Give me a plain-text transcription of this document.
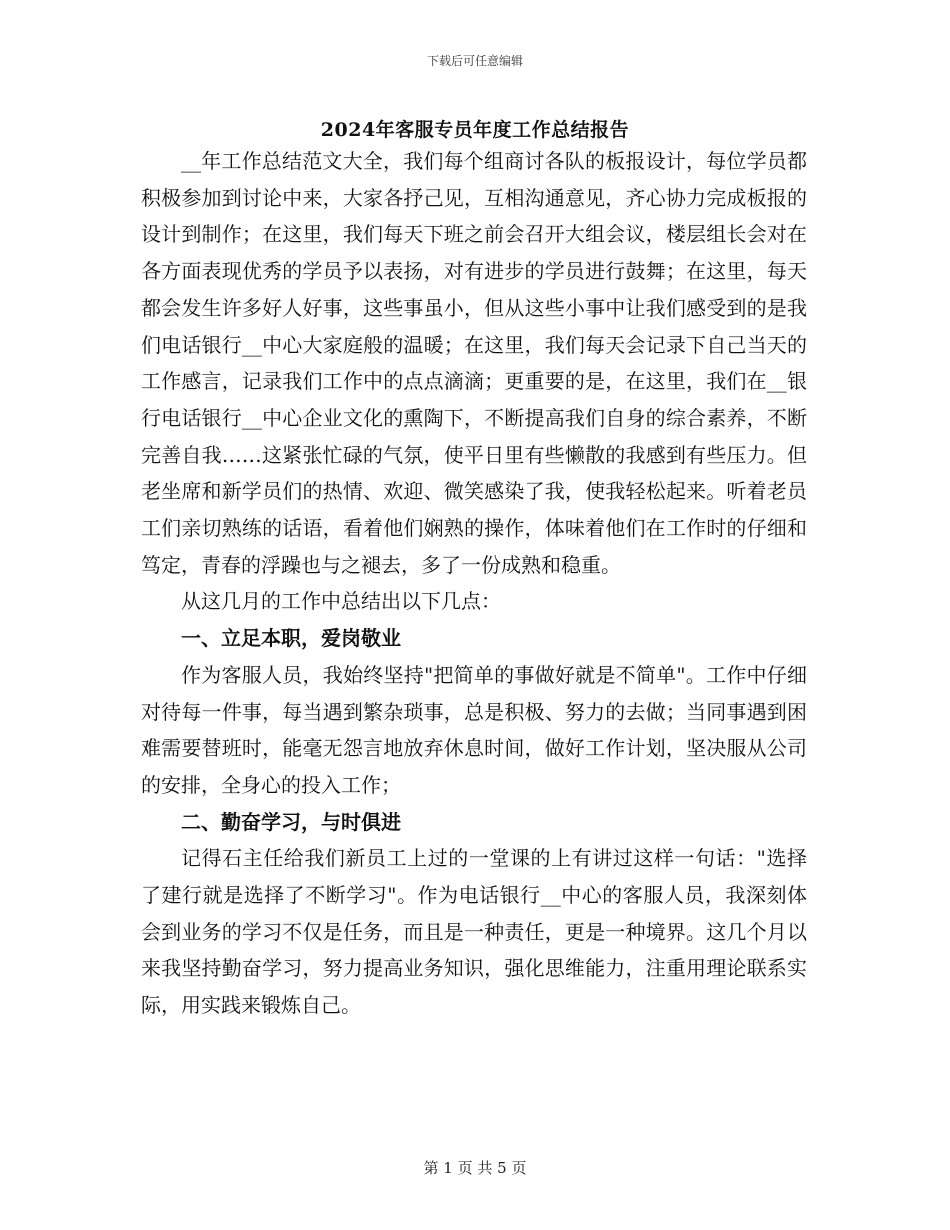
下载后可任意编辑
2024年客服专员年度工作总结报告

__年工作总结范文大全，我们每个组商讨各队的板报设计，每位学员都积极参加到讨论中来，大家各抒己见，互相沟通意见，齐心协力完成板报的设计到制作；在这里，我们每天下班之前会召开大组会议，楼层组长会对在各方面表现优秀的学员予以表扬，对有进步的学员进行鼓舞；在这里，每天都会发生许多好人好事，这些事虽小，但从这些小事中让我们感受到的是我们电话银行__中心大家庭般的温暖；在这里，我们每天会记录下自己当天的工作感言，记录我们工作中的点点滴滴；更重要的是，在这里，我们在__银行电话银行__中心企业文化的熏陶下，不断提高我们自身的综合素养，不断完善自我……这紧张忙碌的气氛，使平日里有些懒散的我感到有些压力。但老坐席和新学员们的热情、欢迎、微笑感染了我，使我轻松起来。听着老员工们亲切熟练的话语，看着他们娴熟的操作，体味着他们在工作时的仔细和笃定，青春的浮躁也与之褪去，多了一份成熟和稳重。

从这几月的工作中总结出以下几点：

一、立足本职，爱岗敬业

作为客服人员，我始终坚持"把简单的事做好就是不简单"。工作中仔细对待每一件事，每当遇到繁杂琐事，总是积极、努力的去做；当同事遇到困难需要替班时，能毫无怨言地放弃休息时间，做好工作计划，坚决服从公司的安排，全身心的投入工作；

二、勤奋学习，与时俱进

记得石主任给我们新员工上过的一堂课的上有讲过这样一句话："选择了建行就是选择了不断学习"。作为电话银行__中心的客服人员，我深刻体会到业务的学习不仅是任务，而且是一种责任，更是一种境界。这几个月以来我坚持勤奋学习，努力提高业务知识，强化思维能力，注重用理论联系实际，用实践来锻炼自己。

第 1 页 共 5 页
